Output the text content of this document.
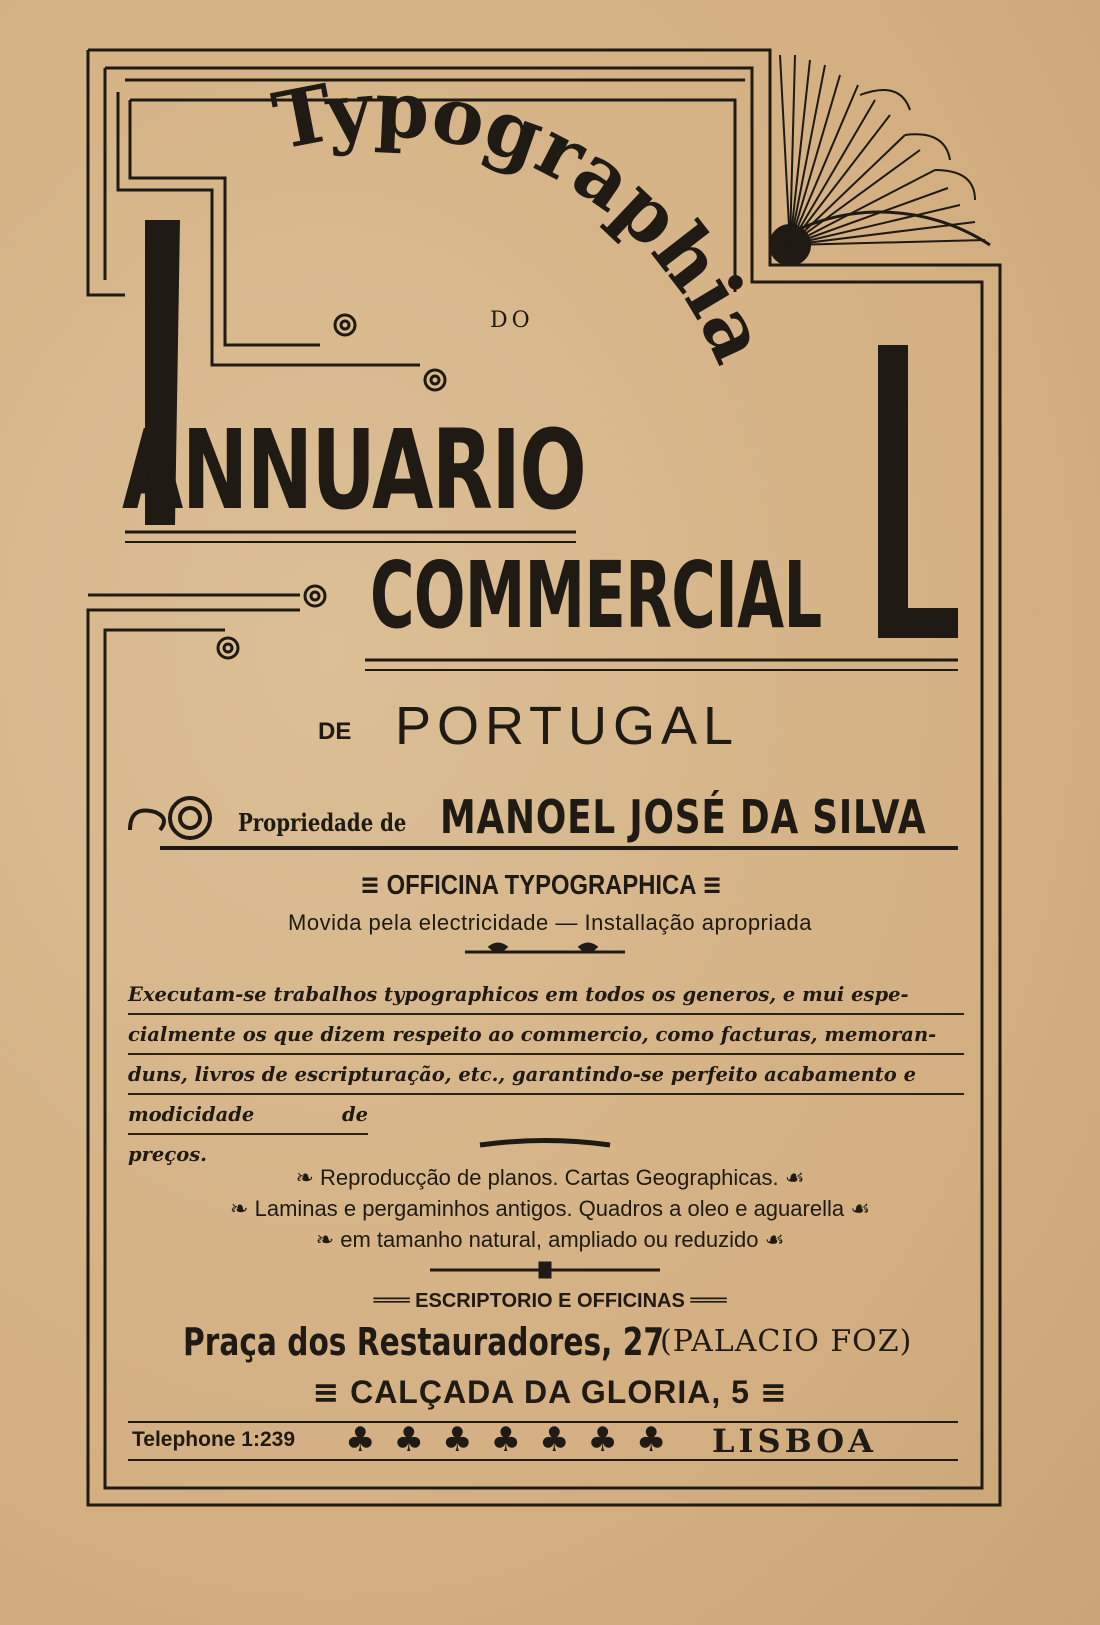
Typographia
DO
ANNUARIO
COMMERCIAL
DE PORTUGAL
Propriedade de MANOEL JOSÉ DA SILVA
≡ OFFICINA TYPOGRAPHICA ≡
Movida pela electricidade — Installação apropriada
Executam-se trabalhos typographicos em todos os generos, e mui espe-
cialmente os que dizem respeito ao commercio, como facturas, memoran-
duns, livros de escripturação, etc., garantindo-se perfeito acabamento e
modicidade de preços.
❧ Reproducção de planos. Cartas Geographicas. ☙
❧ Laminas e pergaminhos antigos. Quadros a oleo e aguarella ☙
❧ em tamanho natural, ampliado ou reduzido ☙
═══ ESCRIPTORIO E OFFICINAS ═══
Praça dos Restauradores, 27
(PALACIO FOZ)
≡ CALÇADA DA GLORIA, 5 ≡
Telephone 1:239 ♣♣♣♣♣♣♣ LISBOA
